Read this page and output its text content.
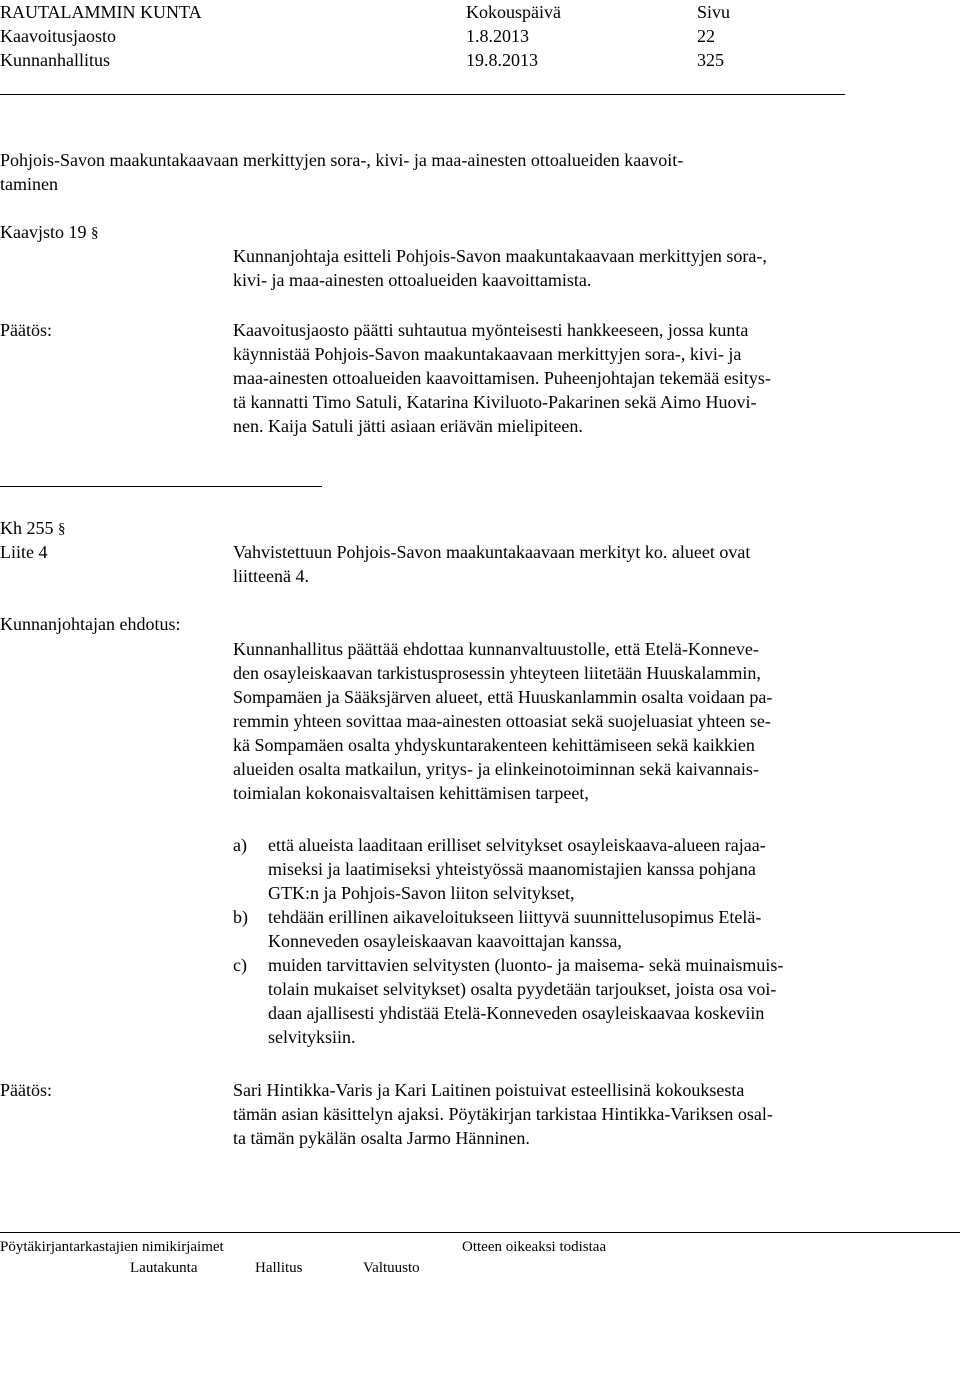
RAUTALAMMIN KUNTA	Kokouspäivä	Sivu
Kaavoitusjaosto	1.8.2013	22
Kunnanhallitus	19.8.2013	325
Pohjois-Savon maakuntakaavaan merkittyjen sora-, kivi- ja maa-ainesten ottoalueiden kaavoit-
taminen
Kaavjsto 19 §
Kunnanjohtaja esitteli Pohjois-Savon maakuntakaavaan merkittyjen sora-,
kivi- ja maa-ainesten ottoalueiden kaavoittamista.
Päätös:	Kaavoitusjaosto päätti suhtautua myönteisesti hankkeeseen, jossa kunta
käynnistää Pohjois-Savon maakuntakaavaan merkittyjen sora-, kivi- ja
maa-ainesten ottoalueiden kaavoittamisen. Puheenjohtajan tekemää esitys-
tä kannatti Timo Satuli, Katarina Kiviluoto-Pakarinen sekä Aimo Huovi-
nen. Kaija Satuli jätti asiaan eriävän mielipiteen.
Kh 255 §
Liite 4	Vahvistettuun Pohjois-Savon maakuntakaavaan merkityt ko. alueet ovat
liitteenä 4.
Kunnanjohtajan ehdotus:
Kunnanhallitus päättää ehdottaa kunnanvaltuustolle, että Etelä-Konneve-
den osayleiskaavan tarkistusprosessin yhteyteen liitetään Huuskalammin,
Sompamäen ja Sääksjärven alueet, että Huuskanlammin osalta voidaan pa-
remmin yhteen sovittaa maa-ainesten ottoasiat sekä suojeluasiat yhteen se-
kä Sompamäen osalta yhdyskuntarakenteen kehittämiseen sekä kaikkien
alueiden osalta matkailun, yritys- ja elinkeinotoiminnan sekä kaivannais-
toimialan kokonaisvaltaisen kehittämisen tarpeet,
a) että alueista laaditaan erilliset selvitykset osayleiskaava-alueen rajaa-
miseksi ja laatimiseksi yhteistyössä maanomistajien kanssa pohjana
GTK:n ja Pohjois-Savon liiton selvitykset,
b) tehdään erillinen aikaveloitukseen liittyvä suunnittelusopimus Etelä-
Konneveden osayleiskaavan kaavoittajan kanssa,
c) muiden tarvittavien selvitysten (luonto- ja maisema- sekä muinaismuis-
tolain mukaiset selvitykset) osalta pyydetään tarjoukset, joista osa voi-
daan ajallisesti yhdistää Etelä-Konneveden osayleiskaavaa koskeviin
selvityksiin.
Päätös:	Sari Hintikka-Varis ja Kari Laitinen poistuivat esteellisinä kokouksesta
tämän asian käsittelyn ajaksi. Pöytäkirjan tarkistaa Hintikka-Variksen osal-
ta tämän pykälän osalta Jarmo Hänninen.
Pöytäkirjantarkastajien nimikirjaimet
Lautakunta	Hallitus	Valtuusto
Otteen oikeaksi todistaa
